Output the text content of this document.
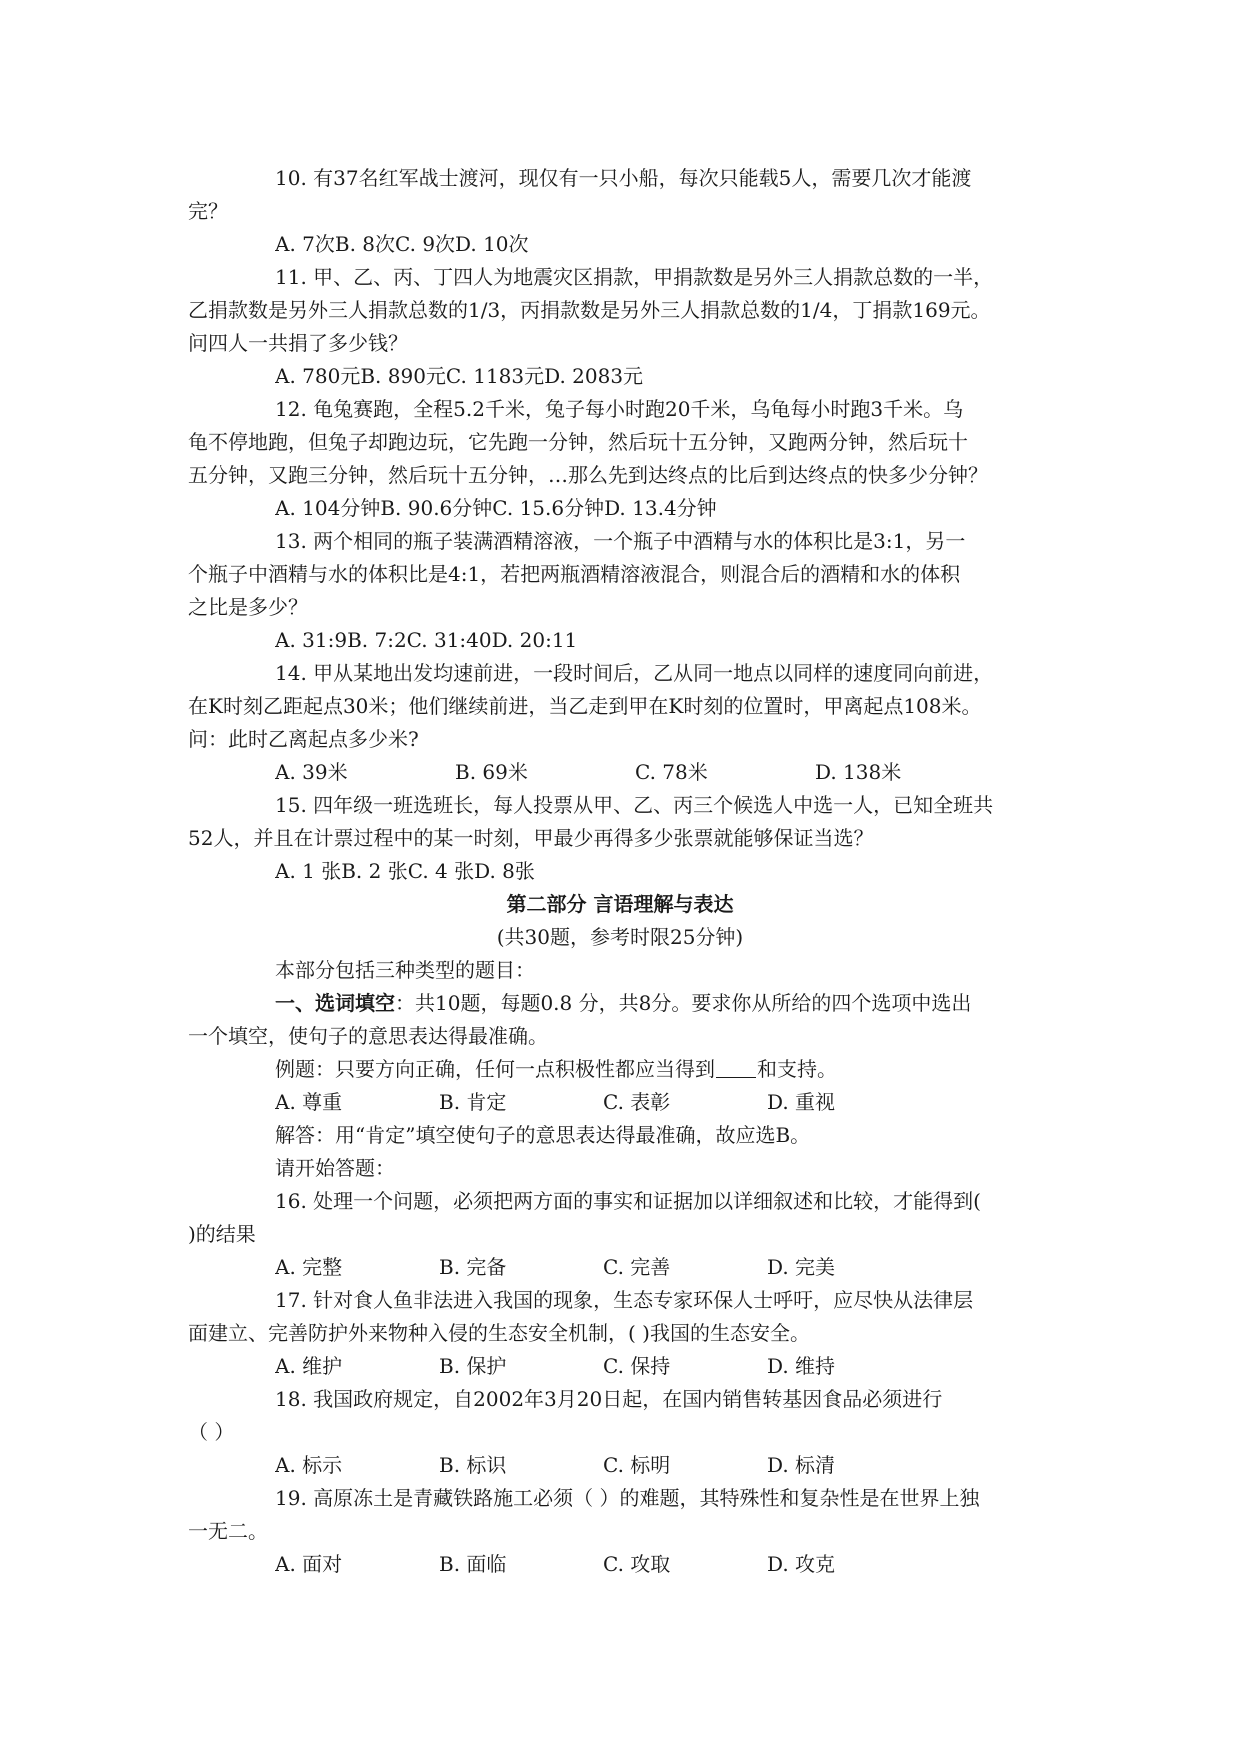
10. 有37名红军战士渡河，现仅有一只小船，每次只能载5人，需要几次才能渡
完？
A. 7次B. 8次C. 9次D. 10次
11. 甲、乙、丙、丁四人为地震灾区捐款，甲捐款数是另外三人捐款总数的一半，
乙捐款数是另外三人捐款总数的1/3，丙捐款数是另外三人捐款总数的1/4，丁捐款169元。
问四人一共捐了多少钱？
A. 780元B. 890元C. 1183元D. 2083元
12. 龟兔赛跑，全程5.2千米，兔子每小时跑20千米，乌龟每小时跑3千米。乌
龟不停地跑，但兔子却跑边玩，它先跑一分钟，然后玩十五分钟，又跑两分钟，然后玩十
五分钟，又跑三分钟，然后玩十五分钟，…那么先到达终点的比后到达终点的快多少分钟？
A. 104分钟B. 90.6分钟C. 15.6分钟D. 13.4分钟
13. 两个相同的瓶子装满酒精溶液，一个瓶子中酒精与水的体积比是3:1，另一
个瓶子中酒精与水的体积比是4:1，若把两瓶酒精溶液混合，则混合后的酒精和水的体积
之比是多少？
A. 31:9B. 7:2C. 31:40D. 20:11
14. 甲从某地出发均速前进，一段时间后，乙从同一地点以同样的速度同向前进，
在K时刻乙距起点30米；他们继续前进，当乙走到甲在K时刻的位置时，甲离起点108米。
问：此时乙离起点多少米?
A. 39米	B. 69米	C. 78米	D. 138米
15. 四年级一班选班长，每人投票从甲、乙、丙三个候选人中选一人，已知全班共
52人，并且在计票过程中的某一时刻，甲最少再得多少张票就能够保证当选？
A. 1 张B. 2 张C. 4 张D. 8张
第二部分 言语理解与表达
(共30题，参考时限25分钟)
本部分包括三种类型的题目：
一、选词填空：共10题，每题0.8 分，共8分。要求你从所给的四个选项中选出
一个填空，使句子的意思表达得最准确。
例题：只要方向正确，任何一点积极性都应当得到 和支持。
A. 尊重	B. 肯定	C. 表彰	D. 重视
解答：用“肯定”填空使句子的意思表达得最准确，故应选B。
请开始答题：
16. 处理一个问题，必须把两方面的事实和证据加以详细叙述和比较，才能得到(
)的结果
A. 完整	B. 完备	C. 完善	D. 完美
17. 针对食人鱼非法进入我国的现象，生态专家环保人士呼吁，应尽快从法律层
面建立、完善防护外来物种入侵的生态安全机制，( )我国的生态安全。
A. 维护	B. 保护	C. 保持	D. 维持
18. 我国政府规定，自2002年3月20日起，在国内销售转基因食品必须进行
（ ）
A. 标示	B. 标识	C. 标明	D. 标清
19. 高原冻土是青藏铁路施工必须（ ）的难题，其特殊性和复杂性是在世界上独
一无二。
A. 面对	B. 面临	C. 攻取	D. 攻克
